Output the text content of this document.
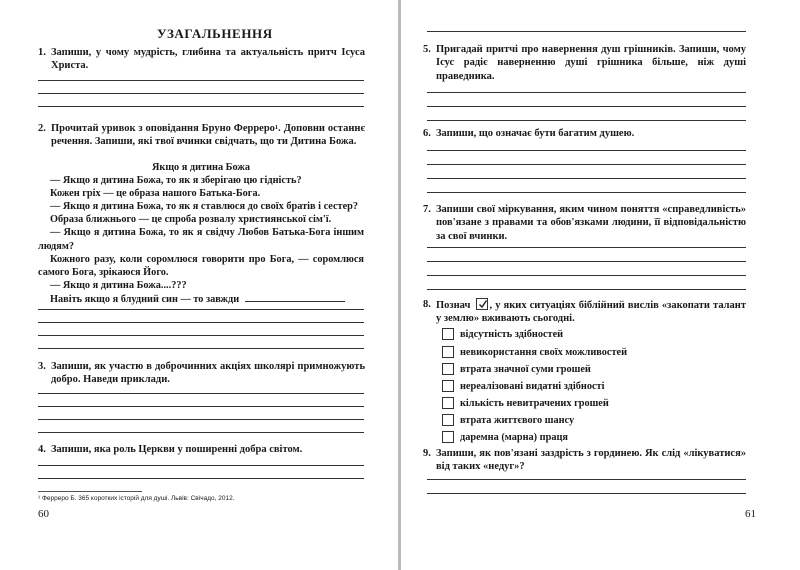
УЗАГАЛЬНЕННЯ
1. Запиши, у чому мудрість, глибина та актуальність притч Ісуса Христа.
2. Прочитай уривок з оповідання Бруно Ферреро$^1$. Доповни останнє речення. Запиши, які твої вчинки свідчать, що ти Дитина Божа.
Якщо я дитина Божа

— Якщо я дитина Божа, то як я зберігаю цю гідність?

Кожен гріх — це образа нашого Батька-Бога.

— Якщо я дитина Божа, то як я ставлюся до своїх братів і сестер?

Образа ближнього — це спроба розвалу християнської сім'ї.

— Якщо я дитина Божа, то як я свідчу Любов Батька-Бога іншим людям?

Кожного разу, коли соромлюся говорити про Бога, — соромлюся самого Бога, зрікаюся Його.

— Якщо я дитина Божа....???

Навіть якщо я блудний син — то завжди

3. Запиши, як участю в доброчинних акціях школярі примножують добро. Наведи приклади.
4. Запиши, яка роль Церкви у поширенні добра світом.
¹ Ферреро Б. 365 коротких історій для душі. Львів: Свічадо, 2012.
60
5. Пригадай притчі про навернення душ грішників. Запиши, чому Ісус радіє наверненню душі грішника більше, ніж душі праведника.
6. Запиши, що означає бути багатим душею.
7. Запиши свої міркування, яким чином поняття «справедливість» пов'язане з правами та обов'язками людини, її відповідальністю за свої вчинки.
8. Познач , у яких ситуаціях біблійний вислів «закопати талант у землю» вживають сьогодні.
відсутність здібностей
невикористання своїх можливостей
втрата значної суми грошей
нереалізовані видатні здібності
кількість невитрачених грошей
втрата життєвого шансу
даремна (марна) праця
9. Запиши, як пов'язані заздрість з гординею. Як слід «лікуватися» від таких «недуг»?
61
